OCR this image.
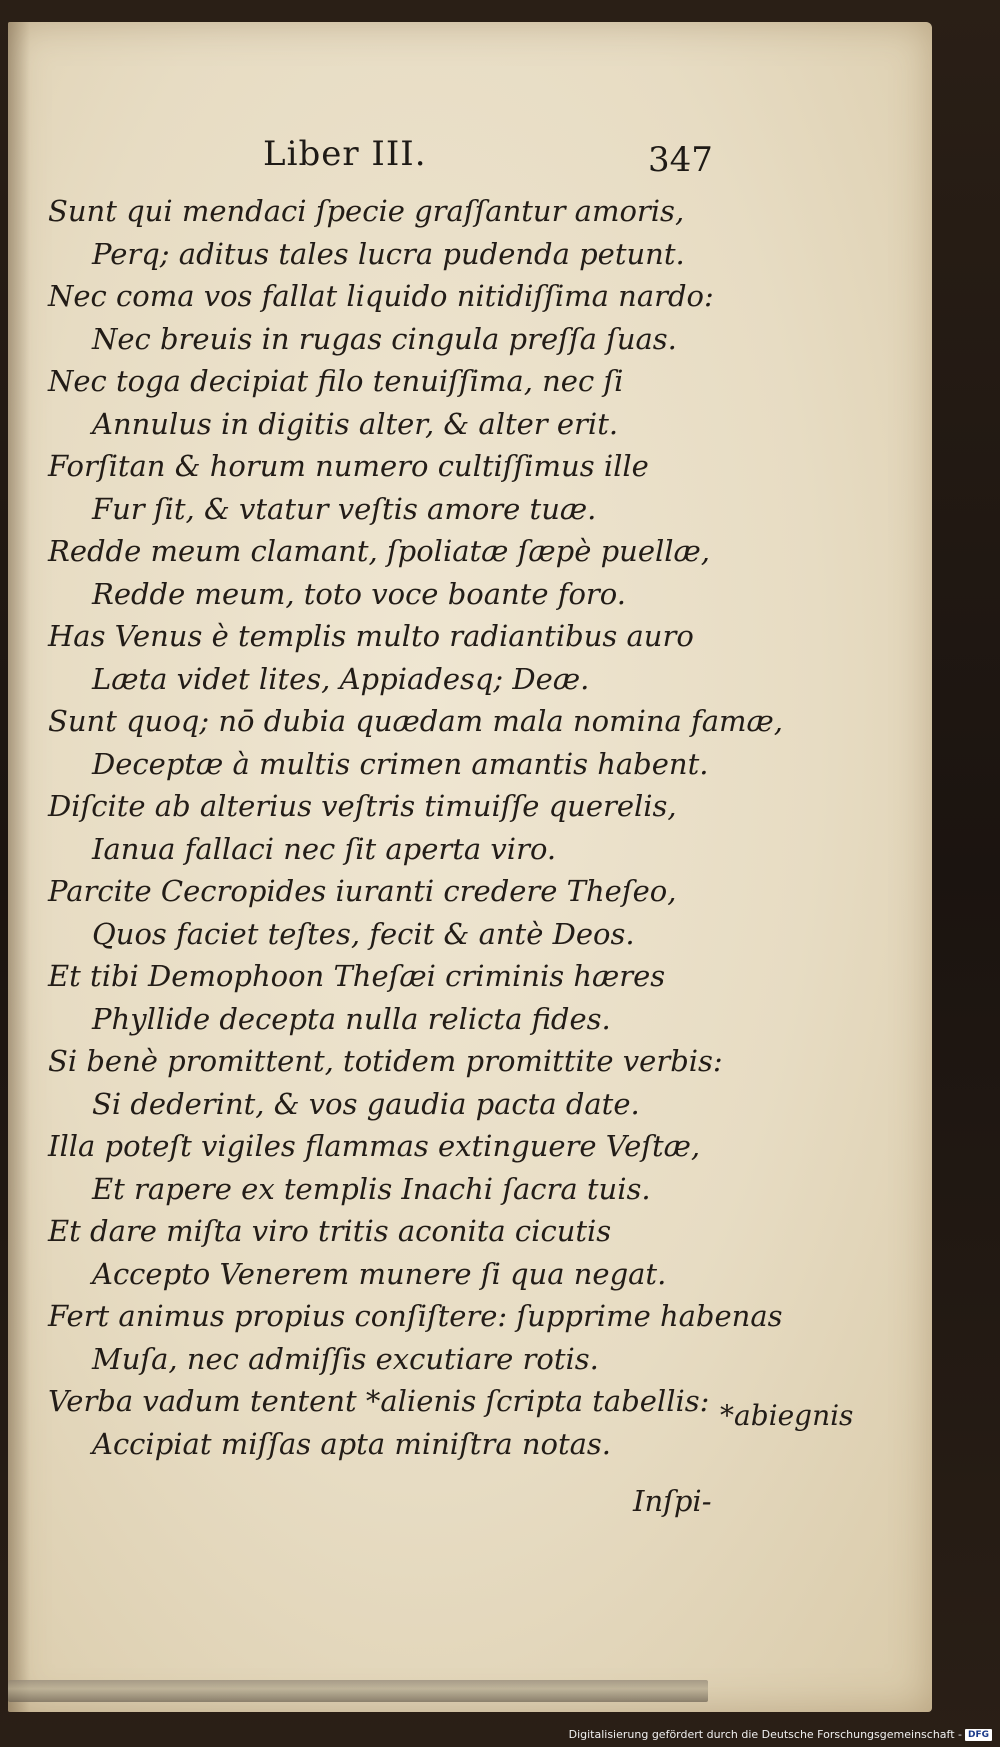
Liber III.	347
Sunt qui mendaci ſpecie graſſantur amoris,
Perq; aditus tales lucra pudenda petunt.
Nec coma vos fallat liquido nitidiſſima nardo:
Nec breuis in rugas cingula preſſa ſuas.
Nec toga decipiat filo tenuiſſima, nec ſi
Annulus in digitis alter, & alter erit.
Forſitan & horum numero cultiſſimus ille
Fur ſit, & vtatur veſtis amore tuæ.
Redde meum clamant, ſpoliatæ ſæpè puellæ,
Redde meum, toto voce boante foro.
Has Venus è templis multo radiantibus auro
Læta videt lites, Appiadesq; Deæ.
Sunt quoq; nō dubia quædam mala nomina famæ,
Deceptæ à multis crimen amantis habent.
Diſcite ab alterius veſtris timuiſſe querelis,
Ianua fallaci nec ſit aperta viro.
Parcite Cecropides iuranti credere Theſeo,
Quos faciet teſtes, fecit & antè Deos.
Et tibi Demophoon Theſæi criminis hæres
Phyllide decepta nulla relicta fides.
Si benè promittent, totidem promittite verbis:
Si dederint, & vos gaudia pacta date.
Illa poteſt vigiles flammas extinguere Veſtæ,
Et rapere ex templis Inachi ſacra tuis.
Et dare miſta viro tritis aconita cicutis
Accepto Venerem munere ſi qua negat.
Fert animus propius conſiſtere: ſupprime habenas
Muſa, nec admiſſis excutiare rotis.
Verba vadum tentent *alienis ſcripta tabellis:
Accipiat miſſas apta miniſtra notas.
*abiegnis
Inſpi-
Digitalisierung gefördert durch die Deutsche Forschungsgemeinschaft - DFG
